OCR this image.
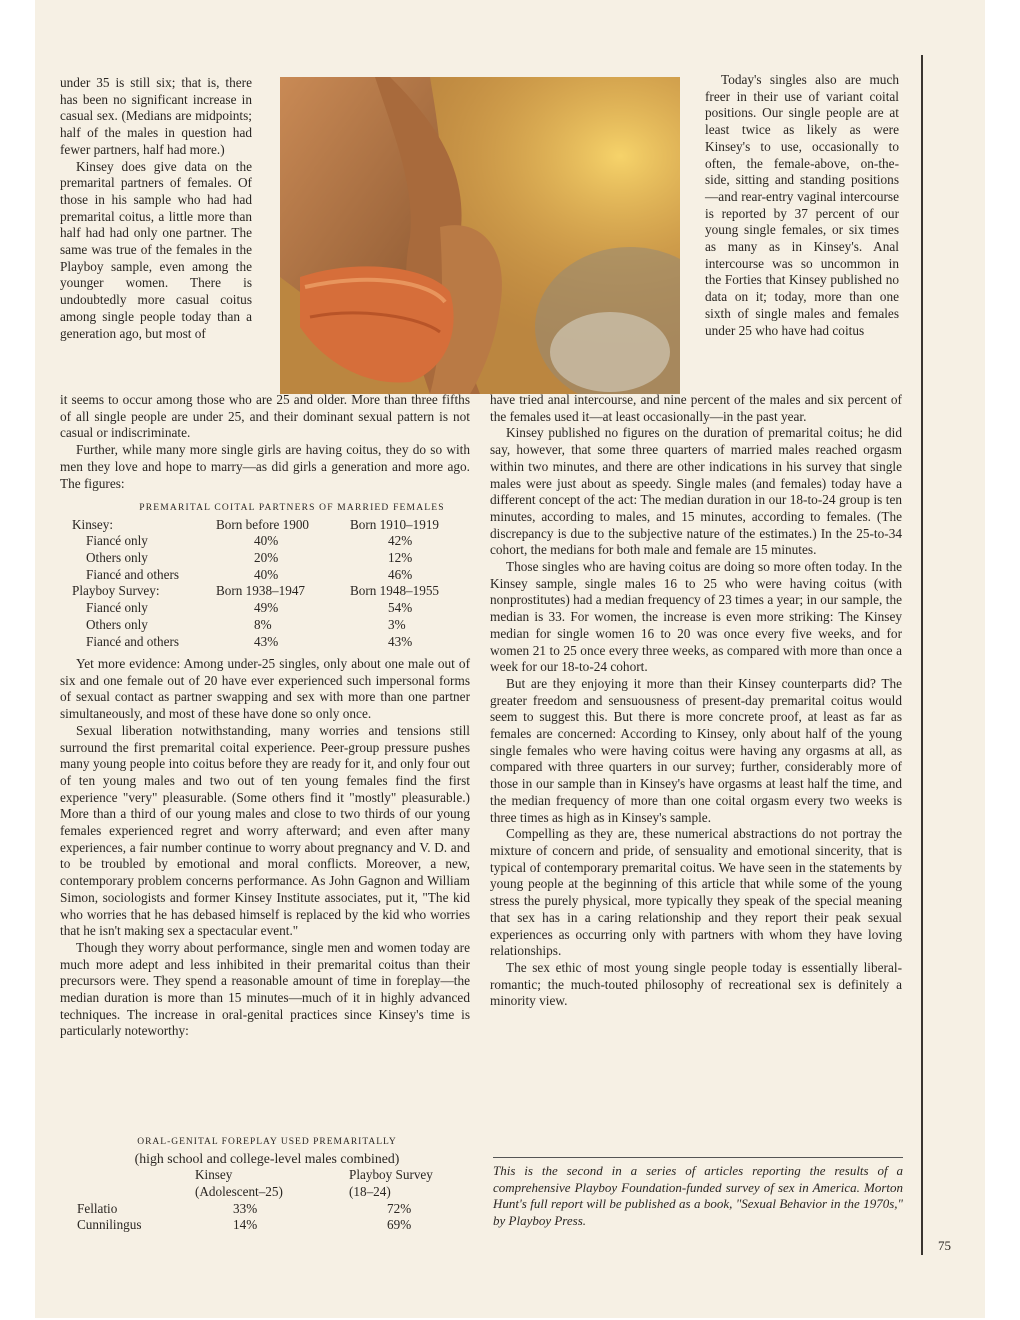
75

under 35 is still six; that is, there has been no significant increase in casual sex. (Medians are midpoints; half of the males in question had fewer partners, half had more.)

Kinsey does give data on the premarital partners of females. Of those in his sample who had had premarital coitus, a little more than half had had only one partner. The same was true of the females in the Playboy sample, even among the younger women. There is undoubtedly more casual coitus among single people today than a generation ago, but most of

it seems to occur among those who are 25 and older. More than three fifths of all single people are under 25, and their dominant sexual pattern is not casual or indiscriminate.

Further, while many more single girls are having coitus, they do so with men they love and hope to marry—as did girls a generation and more ago. The figures:

PREMARITAL COITAL PARTNERS OF MARRIED FEMALES
Kinsey:	Born before 1900	Born 1910–1919
Fiancé only	40%	42%
Others only	20%	12%
Fiancé and others	40%	46%
Playboy Survey:	Born 1938–1947	Born 1948–1955
Fiancé only	49%	54%
Others only	8%	3%
Fiancé and others	43%	43%

Yet more evidence: Among under-25 singles, only about one male out of six and one female out of 20 have ever experienced such impersonal forms of sexual contact as partner swapping and sex with more than one partner simultaneously, and most of these have done so only once.

Sexual liberation notwithstanding, many worries and tensions still surround the first premarital coital experience. Peer-group pressure pushes many young people into coitus before they are ready for it, and only four out of ten young males and two out of ten young females find the first experience "very" pleasurable. (Some others find it "mostly" pleasurable.) More than a third of our young males and close to two thirds of our young females experienced regret and worry afterward; and even after many experiences, a fair number continue to worry about pregnancy and V. D. and to be troubled by emotional and moral conflicts. Moreover, a new, contemporary problem concerns performance. As John Gagnon and William Simon, sociologists and former Kinsey Institute associates, put it, "The kid who worries that he has debased himself is replaced by the kid who worries that he isn't making sex a spectacular event."

Though they worry about performance, single men and women today are much more adept and less inhibited in their premarital coitus than their precursors were. They spend a reasonable amount of time in foreplay—the median duration is more than 15 minutes—much of it in highly advanced techniques. The increase in oral-genital practices since Kinsey's time is particularly noteworthy:

ORAL-GENITAL FOREPLAY USED PREMARITALLY
(high school and college-level males combined)
Kinsey	Playboy Survey
(Adolescent–25)	(18–24)
Fellatio	33%	72%
Cunnilingus	14%	69%

Today's singles also are much freer in their use of variant coital positions. Our single people are at least twice as likely as were Kinsey's to use, occasionally to often, the female-above, on-the-side, sitting and standing positions—and rear-entry vaginal intercourse is reported by 37 percent of our young single females, or six times as many as in Kinsey's. Anal intercourse was so uncommon in the Forties that Kinsey published no data on it; today, more than one sixth of single males and females under 25 who have had coitus

have tried anal intercourse, and nine percent of the males and six percent of the females used it—at least occasionally—in the past year.

Kinsey published no figures on the duration of premarital coitus; he did say, however, that some three quarters of married males reached orgasm within two minutes, and there are other indications in his survey that single males were just about as speedy. Single males (and females) today have a different concept of the act: The median duration in our 18-to-24 group is ten minutes, according to males, and 15 minutes, according to females. (The discrepancy is due to the subjective nature of the estimates.) In the 25-to-34 cohort, the medians for both male and female are 15 minutes.

Those singles who are having coitus are doing so more often today. In the Kinsey sample, single males 16 to 25 who were having coitus (with nonprostitutes) had a median frequency of 23 times a year; in our sample, the median is 33. For women, the increase is even more striking: The Kinsey median for single women 16 to 20 was once every five weeks, and for women 21 to 25 once every three weeks, as compared with more than once a week for our 18-to-24 cohort.

But are they enjoying it more than their Kinsey counterparts did? The greater freedom and sensuousness of present-day premarital coitus would seem to suggest this. But there is more concrete proof, at least as far as females are concerned: According to Kinsey, only about half of the young single females who were having coitus were having any orgasms at all, as compared with three quarters in our survey; further, considerably more of those in our sample than in Kinsey's have orgasms at least half the time, and the median frequency of more than one coital orgasm every two weeks is three times as high as in Kinsey's sample.

Compelling as they are, these numerical abstractions do not portray the mixture of concern and pride, of sensuality and emotional sincerity, that is typical of contemporary premarital coitus. We have seen in the statements by young people at the beginning of this article that while some of the young stress the purely physical, more typically they speak of the special meaning that sex has in a caring relationship and they report their peak sexual experiences as occurring only with partners with whom they have loving relationships.

The sex ethic of most young single people today is essentially liberal-romantic; the much-touted philosophy of recreational sex is definitely a minority view.

This is the second in a series of articles reporting the results of a comprehensive Playboy Foundation-funded survey of sex in America. Morton Hunt's full report will be published as a book, "Sexual Behavior in the 1970s," by Playboy Press.
